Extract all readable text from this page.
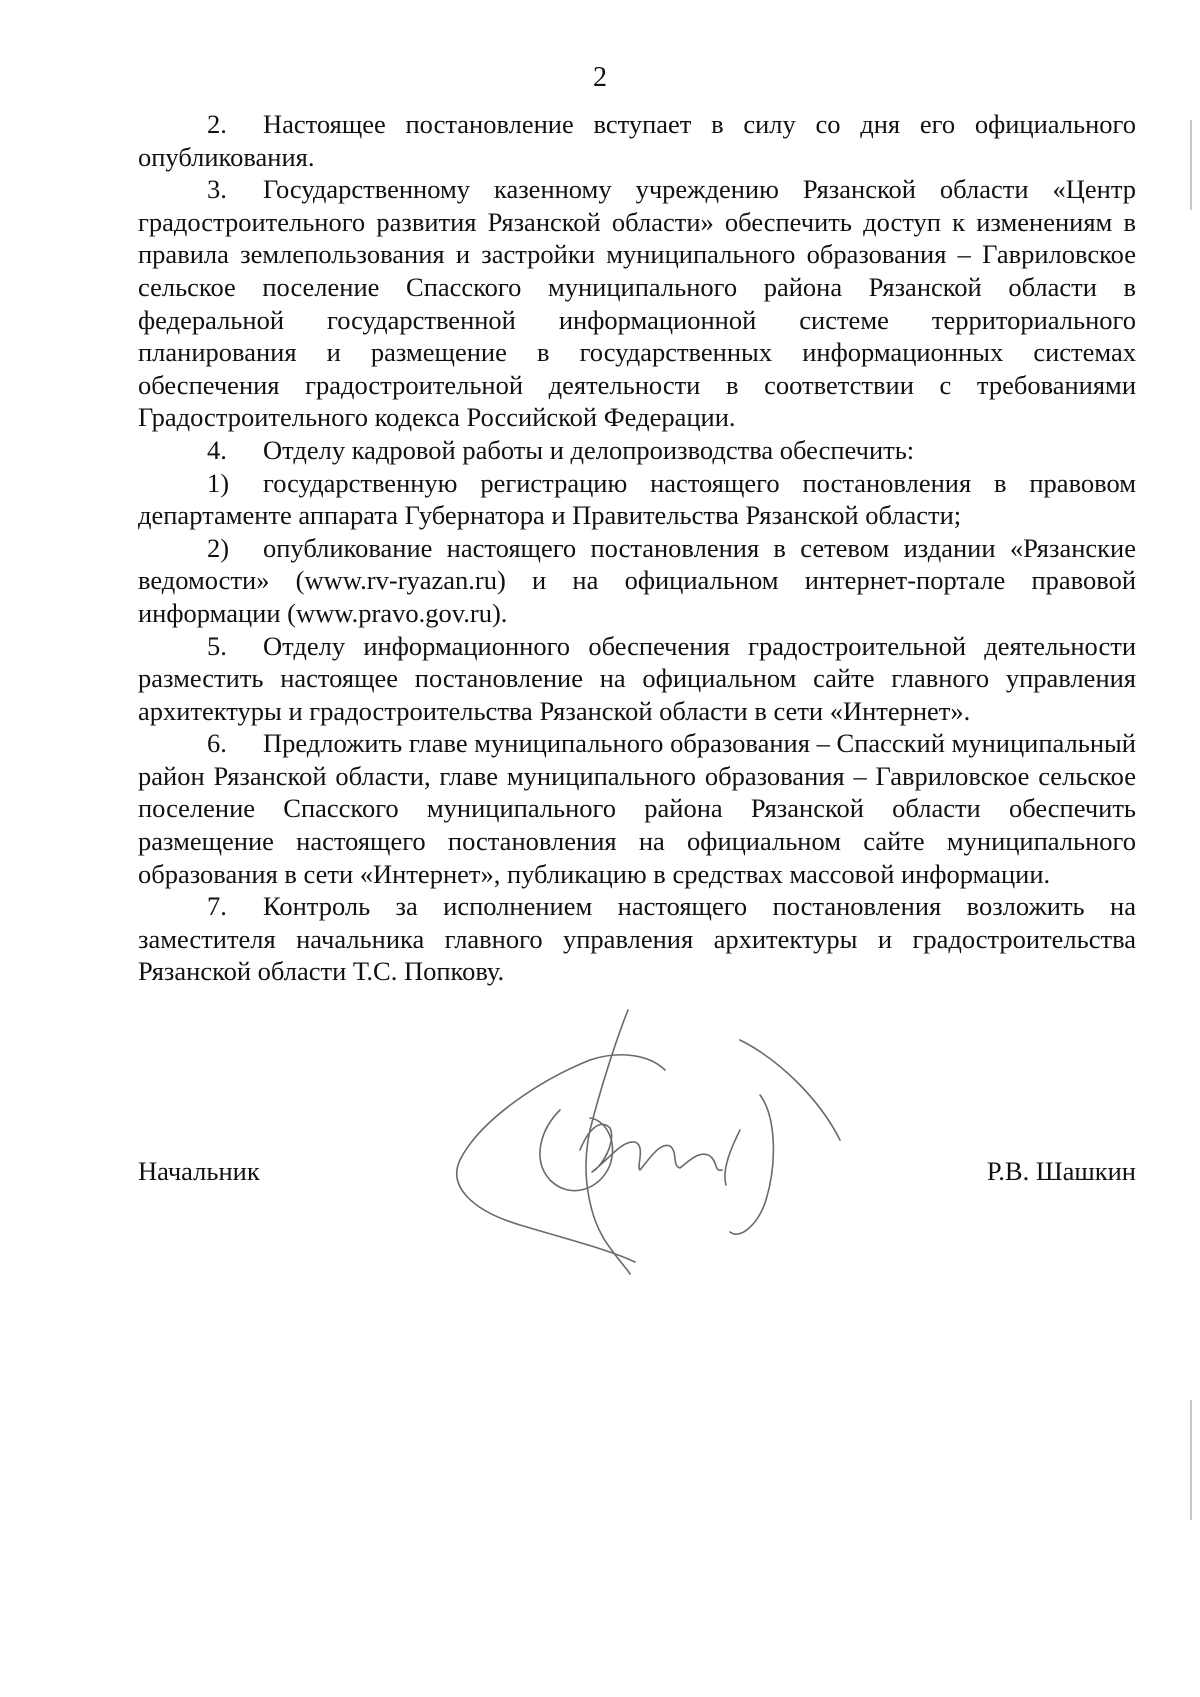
2

2. Настоящее постановление вступает в силу со дня его официального опубликования.

3. Государственному казенному учреждению Рязанской области «Центр градостроительного развития Рязанской области» обеспечить доступ к изменениям в правила землепользования и застройки муниципального образования – Гавриловское сельское поселение Спасского муниципального района Рязанской области в федеральной государственной информационной системе территориального планирования и размещение в государственных информационных системах обеспечения градостроительной деятельности в соответствии с требованиями Градостроительного кодекса Российской Федерации.

4. Отделу кадровой работы и делопроизводства обеспечить:

1) государственную регистрацию настоящего постановления в правовом департаменте аппарата Губернатора и Правительства Рязанской области;

2) опубликование настоящего постановления в сетевом издании «Рязанские ведомости» (www.rv-ryazan.ru) и на официальном интернет-портале правовой информации (www.pravo.gov.ru).

5. Отделу информационного обеспечения градостроительной деятельности разместить настоящее постановление на официальном сайте главного управления архитектуры и градостроительства Рязанской области в сети «Интернет».

6. Предложить главе муниципального образования – Спасский муниципальный район Рязанской области, главе муниципального образования – Гавриловское сельское поселение Спасского муниципального района Рязанской области обеспечить размещение настоящего постановления на официальном сайте муниципального образования в сети «Интернет», публикацию в средствах массовой информации.

7. Контроль за исполнением настоящего постановления возложить на заместителя начальника главного управления архитектуры и градостроительства Рязанской области Т.С. Попкову.

Начальник	Р.В. Шашкин
